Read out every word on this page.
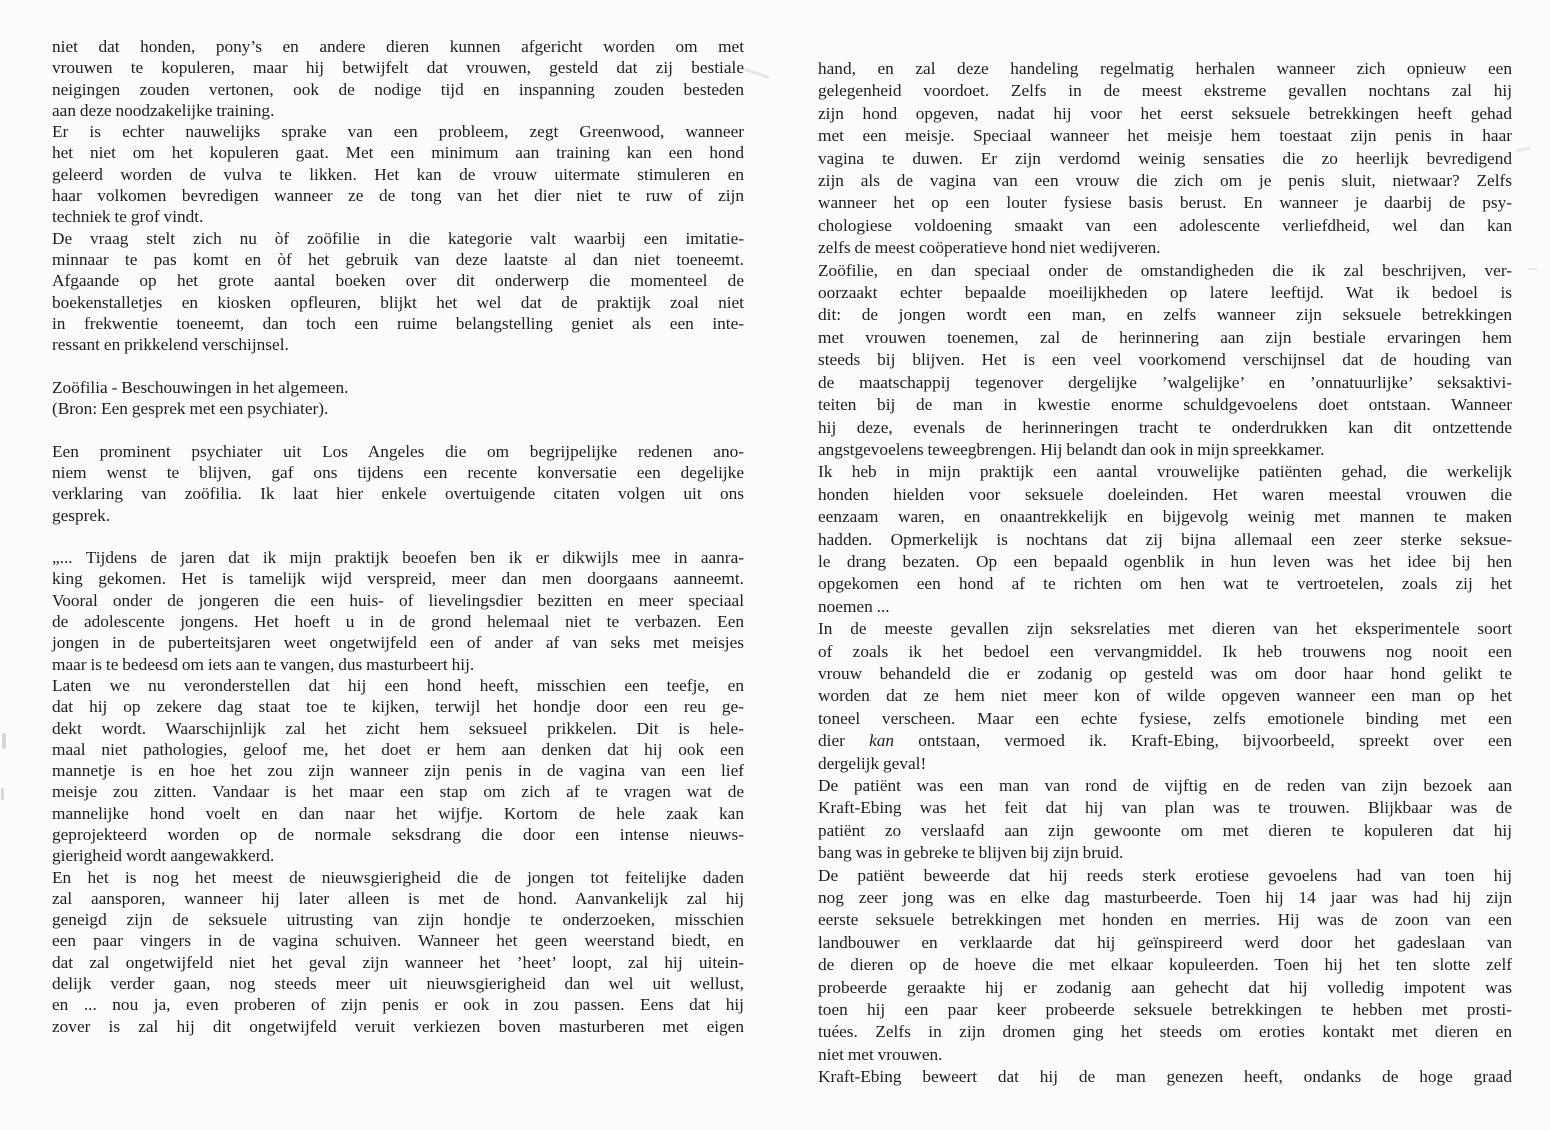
niet dat honden, pony’s en andere dieren kunnen afgericht worden om met
vrouwen te kopuleren, maar hij betwijfelt dat vrouwen, gesteld dat zij bestiale
neigingen zouden vertonen, ook de nodige tijd en inspanning zouden besteden
aan deze noodzakelijke training.
Er is echter nauwelijks sprake van een probleem, zegt Greenwood, wanneer
het niet om het kopuleren gaat. Met een minimum aan training kan een hond
geleerd worden de vulva te likken. Het kan de vrouw uitermate stimuleren en
haar volkomen bevredigen wanneer ze de tong van het dier niet te ruw of zijn
techniek te grof vindt.
De vraag stelt zich nu òf zoöfilie in die kategorie valt waarbij een imitatie-
minnaar te pas komt en òf het gebruik van deze laatste al dan niet toeneemt.
Afgaande op het grote aantal boeken over dit onderwerp die momenteel de
boekenstalletjes en kiosken opfleuren, blijkt het wel dat de praktijk zoal niet
in frekwentie toeneemt, dan toch een ruime belangstelling geniet als een inte-
ressant en prikkelend verschijnsel.

Zoöfilia - Beschouwingen in het algemeen.
(Bron: Een gesprek met een psychiater).

Een prominent psychiater uit Los Angeles die om begrijpelijke redenen ano-
niem wenst te blijven, gaf ons tijdens een recente konversatie een degelijke
verklaring van zoöfilia. Ik laat hier enkele overtuigende citaten volgen uit ons
gesprek.

„... Tijdens de jaren dat ik mijn praktijk beoefen ben ik er dikwijls mee in aanra-
king gekomen. Het is tamelijk wijd verspreid, meer dan men doorgaans aanneemt.
Vooral onder de jongeren die een huis- of lievelingsdier bezitten en meer speciaal
de adolescente jongens. Het hoeft u in de grond helemaal niet te verbazen. Een
jongen in de puberteitsjaren weet ongetwijfeld een of ander af van seks met meisjes
maar is te bedeesd om iets aan te vangen, dus masturbeert hij.
Laten we nu veronderstellen dat hij een hond heeft, misschien een teefje, en
dat hij op zekere dag staat toe te kijken, terwijl het hondje door een reu ge-
dekt wordt. Waarschijnlijk zal het zicht hem seksueel prikkelen. Dit is hele-
maal niet pathologies, geloof me, het doet er hem aan denken dat hij ook een
mannetje is en hoe het zou zijn wanneer zijn penis in de vagina van een lief
meisje zou zitten. Vandaar is het maar een stap om zich af te vragen wat de
mannelijke hond voelt en dan naar het wijfje. Kortom de hele zaak kan
geprojekteerd worden op de normale seksdrang die door een intense nieuws-
gierigheid wordt aangewakkerd.
En het is nog het meest de nieuwsgierigheid die de jongen tot feitelijke daden
zal aansporen, wanneer hij later alleen is met de hond. Aanvankelijk zal hij
geneigd zijn de seksuele uitrusting van zijn hondje te onderzoeken, misschien
een paar vingers in de vagina schuiven. Wanneer het geen weerstand biedt, en
dat zal ongetwijfeld niet het geval zijn wanneer het ’heet’ loopt, zal hij uitein-
delijk verder gaan, nog steeds meer uit nieuwsgierigheid dan wel uit wellust,
en ... nou ja, even proberen of zijn penis er ook in zou passen. Eens dat hij
zover is zal hij dit ongetwijfeld veruit verkiezen boven masturberen met eigen
hand, en zal deze handeling regelmatig herhalen wanneer zich opnieuw een
gelegenheid voordoet. Zelfs in de meest ekstreme gevallen nochtans zal hij
zijn hond opgeven, nadat hij voor het eerst seksuele betrekkingen heeft gehad
met een meisje. Speciaal wanneer het meisje hem toestaat zijn penis in haar
vagina te duwen. Er zijn verdomd weinig sensaties die zo heerlijk bevredigend
zijn als de vagina van een vrouw die zich om je penis sluit, nietwaar? Zelfs
wanneer het op een louter fysiese basis berust. En wanneer je daarbij de psy-
chologiese voldoening smaakt van een adolescente verliefdheid, wel dan kan
zelfs de meest coöperatieve hond niet wedijveren.
Zoöfilie, en dan speciaal onder de omstandigheden die ik zal beschrijven, ver-
oorzaakt echter bepaalde moeilijkheden op latere leeftijd. Wat ik bedoel is
dit: de jongen wordt een man, en zelfs wanneer zijn seksuele betrekkingen
met vrouwen toenemen, zal de herinnering aan zijn bestiale ervaringen hem
steeds bij blijven. Het is een veel voorkomend verschijnsel dat de houding van
de maatschappij tegenover dergelijke ’walgelijke’ en ’onnatuurlijke’ seksaktivi-
teiten bij de man in kwestie enorme schuldgevoelens doet ontstaan. Wanneer
hij deze, evenals de herinneringen tracht te onderdrukken kan dit ontzettende
angstgevoelens teweegbrengen. Hij belandt dan ook in mijn spreekkamer.
Ik heb in mijn praktijk een aantal vrouwelijke patiënten gehad, die werkelijk
honden hielden voor seksuele doeleinden. Het waren meestal vrouwen die
eenzaam waren, en onaantrekkelijk en bijgevolg weinig met mannen te maken
hadden. Opmerkelijk is nochtans dat zij bijna allemaal een zeer sterke seksue-
le drang bezaten. Op een bepaald ogenblik in hun leven was het idee bij hen
opgekomen een hond af te richten om hen wat te vertroetelen, zoals zij het
noemen ...
In de meeste gevallen zijn seksrelaties met dieren van het eksperimentele soort
of zoals ik het bedoel een vervangmiddel. Ik heb trouwens nog nooit een
vrouw behandeld die er zodanig op gesteld was om door haar hond gelikt te
worden dat ze hem niet meer kon of wilde opgeven wanneer een man op het
toneel verscheen. Maar een echte fysiese, zelfs emotionele binding met een
dier kan ontstaan, vermoed ik. Kraft-Ebing, bijvoorbeeld, spreekt over een
dergelijk geval!
De patiënt was een man van rond de vijftig en de reden van zijn bezoek aan
Kraft-Ebing was het feit dat hij van plan was te trouwen. Blijkbaar was de
patiënt zo verslaafd aan zijn gewoonte om met dieren te kopuleren dat hij
bang was in gebreke te blijven bij zijn bruid.
De patiënt beweerde dat hij reeds sterk erotiese gevoelens had van toen hij
nog zeer jong was en elke dag masturbeerde. Toen hij 14 jaar was had hij zijn
eerste seksuele betrekkingen met honden en merries. Hij was de zoon van een
landbouwer en verklaarde dat hij geïnspireerd werd door het gadeslaan van
de dieren op de hoeve die met elkaar kopuleerden. Toen hij het ten slotte zelf
probeerde geraakte hij er zodanig aan gehecht dat hij volledig impotent was
toen hij een paar keer probeerde seksuele betrekkingen te hebben met prosti-
tuées. Zelfs in zijn dromen ging het steeds om eroties kontakt met dieren en
niet met vrouwen.
Kraft-Ebing beweert dat hij de man genezen heeft, ondanks de hoge graad
